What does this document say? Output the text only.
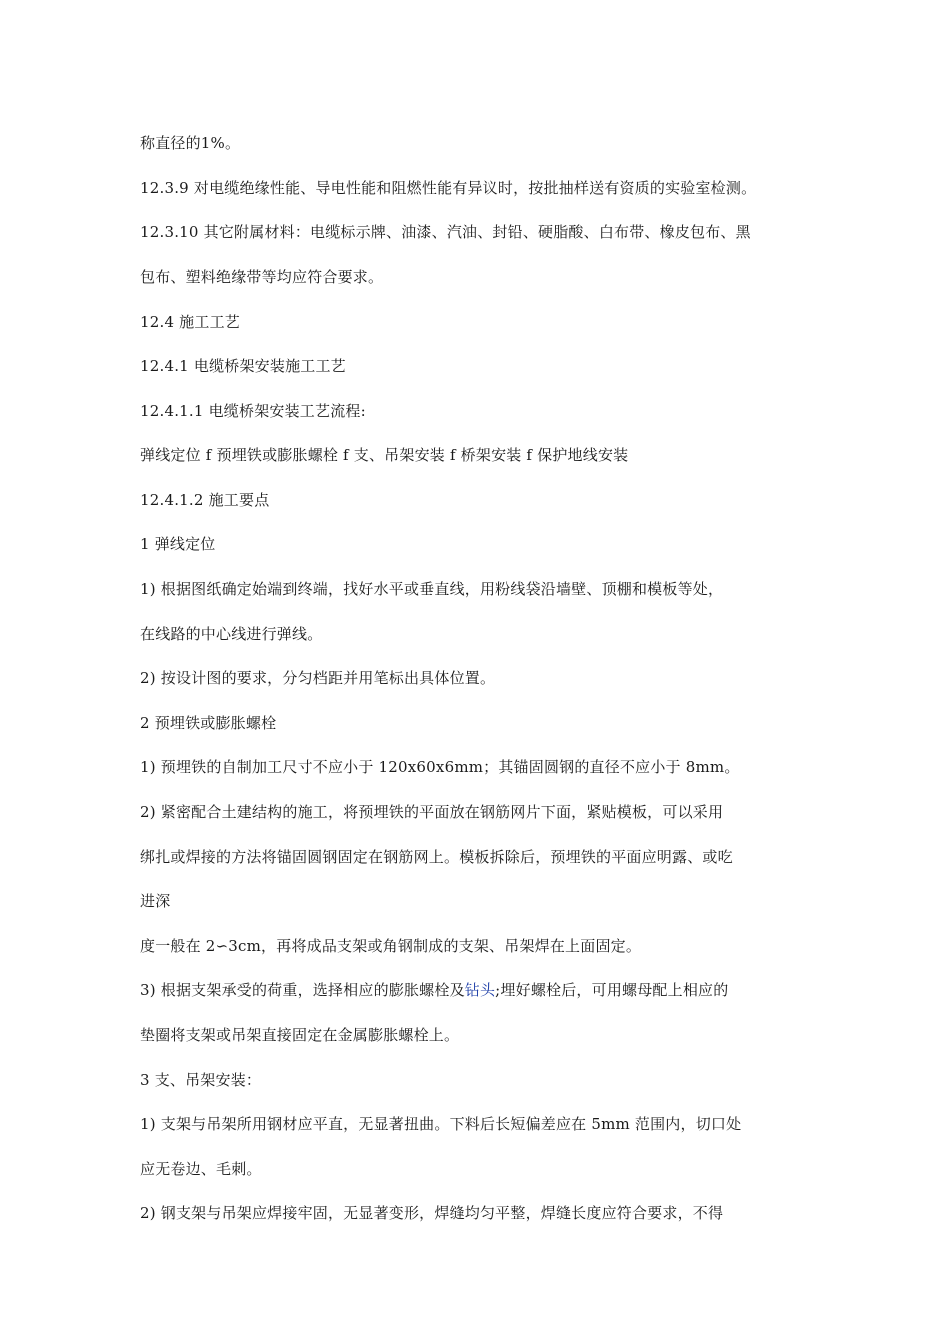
称直径的1%。
12.3.9 对电缆绝缘性能、导电性能和阻燃性能有异议时，按批抽样送有资质的实验室检测。
12.3.10 其它附属材料：电缆标示牌、油漆、汽油、封铅、硬脂酸、白布带、橡皮包布、黑
包布、塑料绝缘带等均应符合要求。
12.4 施工工艺
12.4.1 电缆桥架安装施工工艺
12.4.1.1 电缆桥架安装工艺流程:
弹线定位 f 预埋铁或膨胀螺栓 f 支、吊架安装 f 桥架安装 f 保护地线安装
12.4.1.2 施工要点
1 弹线定位
1) 根据图纸确定始端到终端，找好水平或垂直线，用粉线袋沿墙壁、顶棚和模板等处，
在线路的中心线进行弹线。
2) 按设计图的要求，分匀档距并用笔标出具体位置。
2 预埋铁或膨胀螺栓
1) 预埋铁的自制加工尺寸不应小于 120x60x6mm；其锚固圆钢的直径不应小于 8mm。
2) 紧密配合土建结构的施工，将预埋铁的平面放在钢筋网片下面，紧贴模板，可以采用
绑扎或焊接的方法将锚固圆钢固定在钢筋网上。模板拆除后，预埋铁的平面应明露、或吃
进深
度一般在 2∽3cm，再将成品支架或角钢制成的支架、吊架焊在上面固定。
3) 根据支架承受的荷重，选择相应的膨胀螺栓及钻头;埋好螺栓后，可用螺母配上相应的
垫圈将支架或吊架直接固定在金属膨胀螺栓上。
3 支、吊架安装：
1) 支架与吊架所用钢材应平直，无显著扭曲。下料后长短偏差应在 5mm 范围内，切口处
应无卷边、毛刺。
2) 钢支架与吊架应焊接牢固，无显著变形，焊缝均匀平整，焊缝长度应符合要求，不得
